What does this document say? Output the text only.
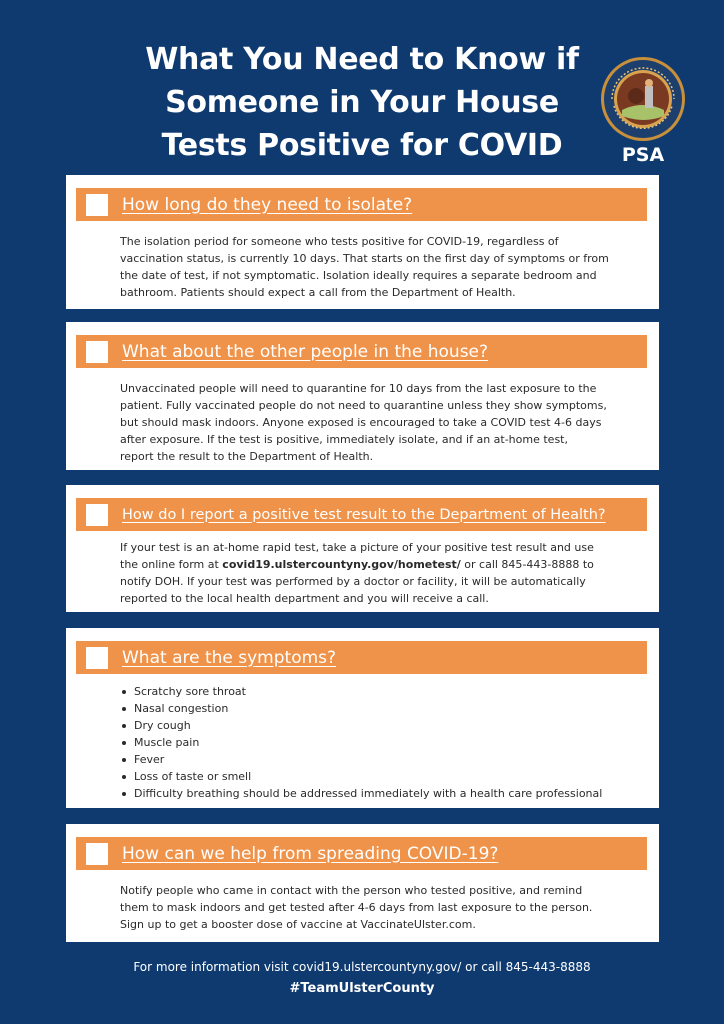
What You Need to Know if
Someone in Your House
Tests Positive for COVID	PSA
How long do they need to isolate?

The isolation period for someone who tests positive for COVID-19, regardless of

vaccination status, is currently 10 days. That starts on the first day of symptoms or from

the date of test, if not symptomatic. Isolation ideally requires a separate bedroom and

bathroom. Patients should expect a call from the Department of Health.

What about the other people in the house?

Unvaccinated people will need to quarantine for 10 days from the last exposure to the

patient. Fully vaccinated people do not need to quarantine unless they show symptoms,

but should mask indoors. Anyone exposed is encouraged to take a COVID test 4-6 days

after exposure. If the test is positive, immediately isolate, and if an at-home test,

report the result to the Department of Health.

How do I report a positive test result to the Department of Health?

If your test is an at-home rapid test, take a picture of your positive test result and use

the online form at covid19.ulstercountyny.gov/hometest/ or call 845-443-8888 to

notify DOH. If your test was performed by a doctor or facility, it will be automatically

reported to the local health department and you will receive a call.

What are the symptoms?
Scratchy sore throat
Nasal congestion
Dry cough
Muscle pain
Fever
Loss of taste or smell
Difficulty breathing should be addressed immediately with a health care professional
How can we help from spreading COVID-19?

Notify people who came in contact with the person who tested positive, and remind

them to mask indoors and get tested after 4-6 days from last exposure to the person.

Sign up to get a booster dose of vaccine at VaccinateUlster.com.

For more information visit covid19.ulstercountyny.gov/ or call 845-443-8888
#TeamUlsterCounty
